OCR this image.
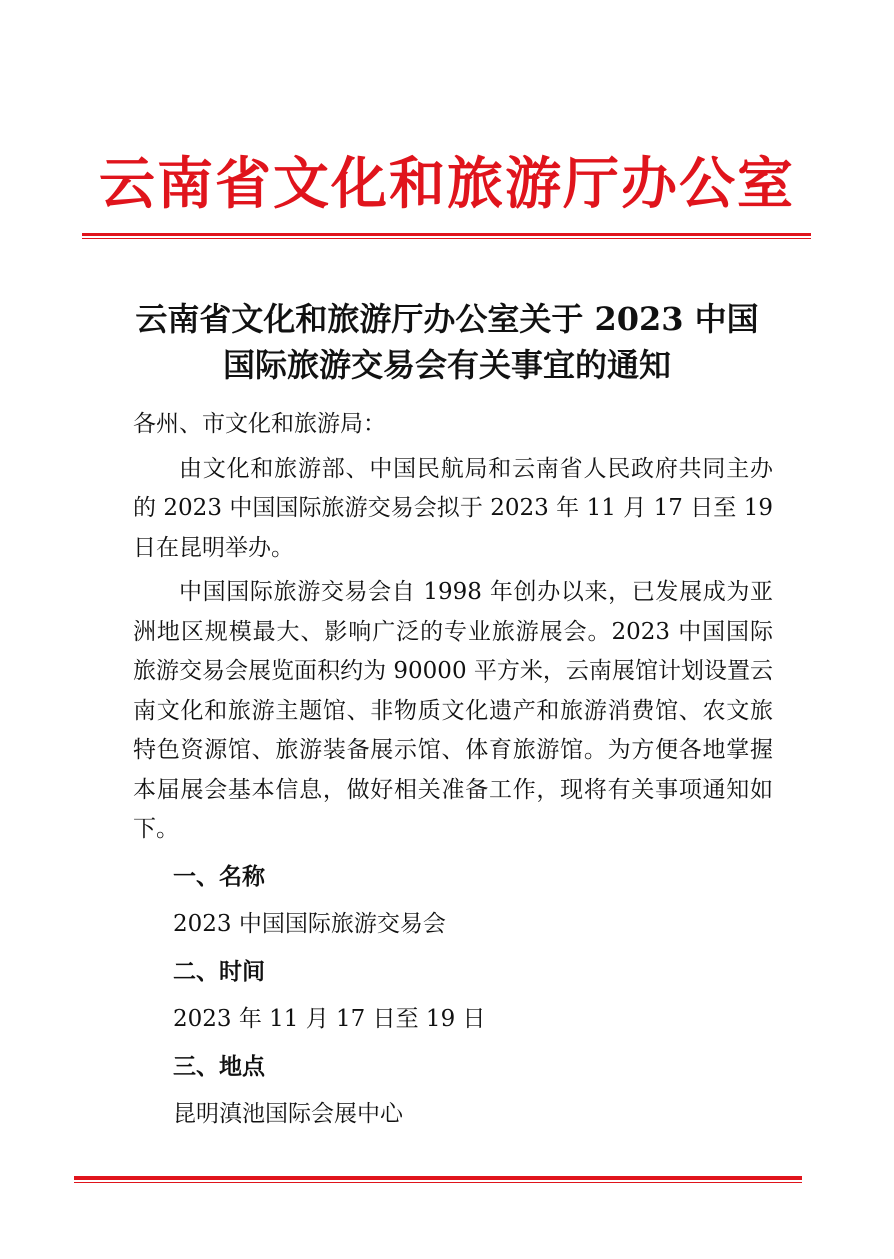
云南省文化和旅游厅办公室
云南省文化和旅游厅办公室关于 2023 中国
国际旅游交易会有关事宜的通知

各州、市文化和旅游局：

由文化和旅游部、中国民航局和云南省人民政府共同主办的 2023 中国国际旅游交易会拟于 2023 年 11 月 17 日至 19 日在昆明举办。

中国国际旅游交易会自 1998 年创办以来，已发展成为亚洲地区规模最大、影响广泛的专业旅游展会。2023 中国国际旅游交易会展览面积约为 90000 平方米，云南展馆计划设置云南文化和旅游主题馆、非物质文化遗产和旅游消费馆、农文旅特色资源馆、旅游装备展示馆、体育旅游馆。为方便各地掌握本届展会基本信息，做好相关准备工作，现将有关事项通知如下。

一、名称

2023 中国国际旅游交易会

二、时间

2023 年 11 月 17 日至 19 日

三、地点

昆明滇池国际会展中心
